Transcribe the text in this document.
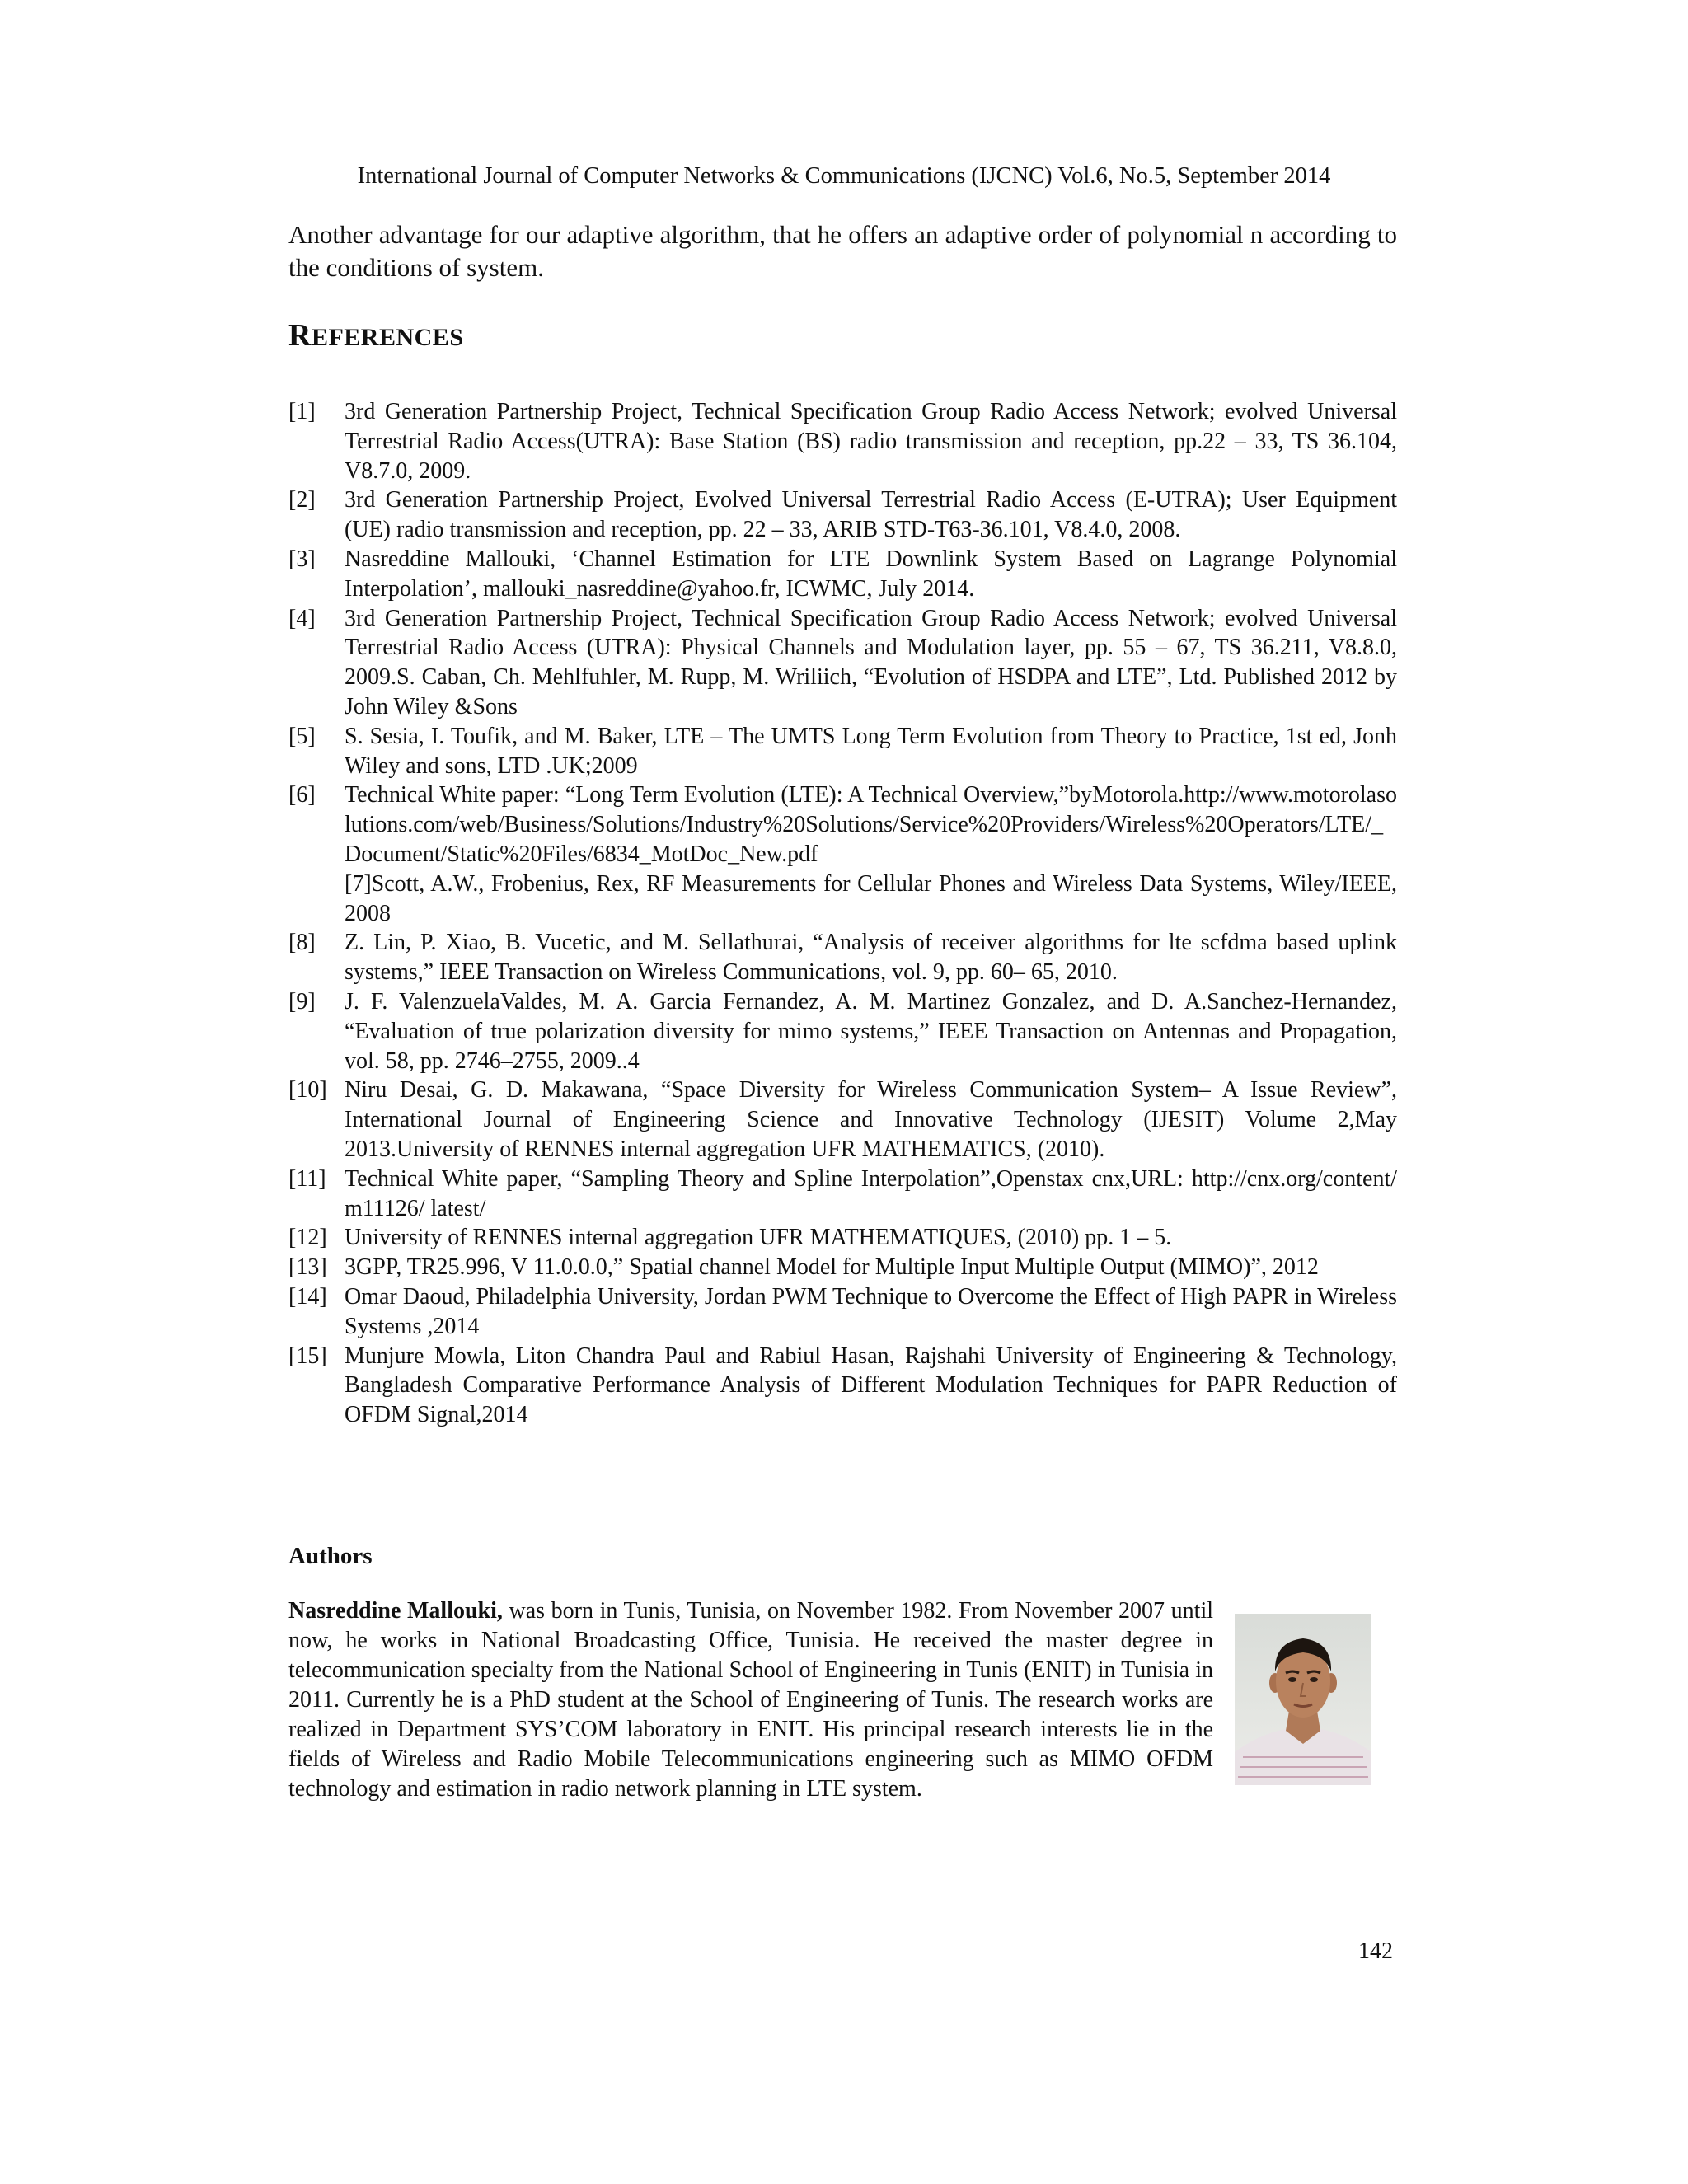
International Journal of Computer Networks & Communications (IJCNC) Vol.6, No.5, September 2014

Another advantage for our adaptive algorithm, that he offers an adaptive order of polynomial n according to the conditions of system.

REFERENCES
[1] 3rd Generation Partnership Project, Technical Specification Group Radio Access Network; evolved Universal Terrestrial Radio Access(UTRA): Base Station (BS) radio transmission and reception, pp.22 – 33, TS 36.104, V8.7.0, 2009.
[2] 3rd Generation Partnership Project, Evolved Universal Terrestrial Radio Access (E-UTRA); User Equipment (UE) radio transmission and reception, pp. 22 – 33, ARIB STD-T63-36.101, V8.4.0, 2008.
[3] Nasreddine Mallouki, ‘Channel Estimation for LTE Downlink System Based on Lagrange Polynomial Interpolation’, mallouki_nasreddine@yahoo.fr, ICWMC, July 2014.
[4] 3rd Generation Partnership Project, Technical Specification Group Radio Access Network; evolved Universal Terrestrial Radio Access (UTRA): Physical Channels and Modulation layer, pp. 55 – 67, TS 36.211, V8.8.0, 2009.S. Caban, Ch. Mehlfuhler, M. Rupp, M. Wriliich, “Evolution of HSDPA and LTE”, Ltd. Published 2012 by John Wiley &Sons
[5] S. Sesia, I. Toufik, and M. Baker, LTE – The UMTS Long Term Evolution from Theory to Practice, 1st ed, Jonh Wiley and sons, LTD .UK;2009
[6] Technical White paper: “Long Term Evolution (LTE): A Technical Overview,”byMotorola.http://www.motorolasolutions.com/web/Business/Solutions/Industry%20Solutions/Service%20Providers/Wireless%20Operators/LTE/_Document/Static%20Files/6834_MotDoc_New.pdf
[7]Scott, A.W., Frobenius, Rex, RF Measurements for Cellular Phones and Wireless Data Systems, Wiley/IEEE, 2008
[8] Z. Lin, P. Xiao, B. Vucetic, and M. Sellathurai, “Analysis of receiver algorithms for lte scfdma based uplink systems,” IEEE Transaction on Wireless Communications, vol. 9, pp. 60– 65, 2010.
[9] J. F. ValenzuelaValdes, M. A. Garcia Fernandez, A. M. Martinez Gonzalez, and D. A.Sanchez-Hernandez, “Evaluation of true polarization diversity for mimo systems,” IEEE Transaction on Antennas and Propagation, vol. 58, pp. 2746–2755, 2009..4
[10] Niru Desai, G. D. Makawana, “Space Diversity for Wireless Communication System– A Issue Review”, International Journal of Engineering Science and Innovative Technology (IJESIT) Volume 2,May 2013.University of RENNES internal aggregation UFR MATHEMATICS, (2010).
[11] Technical White paper, “Sampling Theory and Spline Interpolation”,Openstax cnx,URL: http://cnx.org/content/ m11126/ latest/
[12] University of RENNES internal aggregation UFR MATHEMATIQUES, (2010) pp. 1 – 5.
[13] 3GPP, TR25.996, V 11.0.0.0,” Spatial channel Model for Multiple Input Multiple Output (MIMO)”, 2012
[14] Omar Daoud, Philadelphia University, Jordan PWM Technique to Overcome the Effect of High PAPR in Wireless Systems ,2014
[15] Munjure Mowla, Liton Chandra Paul and Rabiul Hasan, Rajshahi University of Engineering & Technology, Bangladesh Comparative Performance Analysis of Different Modulation Techniques for PAPR Reduction of OFDM Signal,2014
Authors

Nasreddine Mallouki, was born in Tunis, Tunisia, on November 1982. From November 2007 until now, he works in National Broadcasting Office, Tunisia. He received the master degree in telecommunication specialty from the National School of Engineering in Tunis (ENIT) in Tunisia in 2011. Currently he is a PhD student at the School of Engineering of Tunis. The research works are realized in Department SYS’COM laboratory in ENIT. His principal research interests lie in the fields of Wireless and Radio Mobile Telecommunications engineering such as MIMO OFDM technology and estimation in radio network planning in LTE system.

142
